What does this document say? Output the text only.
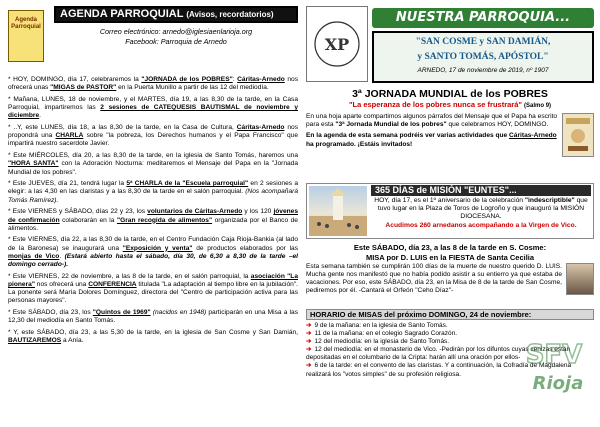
Agenda Parroquial
AGENDA PARROQUIAL (Avisos, recordatorios)
Correo electrónico: arnedo@iglesiaenlarioja.org
Facebook: Parroquia de Arnedo
* HOY, DOMINGO, día 17, celebraremos la "JORNADA de los POBRES": Cáritas-Arnedo nos ofrecerá unas "MIGAS de PASTOR" en la Puerta Munillo a partir de las 12 del mediodía.
* Mañana, LUNES, 18 de noviembre, y el MARTES, día 19, a las 8,30 de la tarde, en la Casa Parroquial, impartiremos las 2 sesiones de CATEQUESIS BAUTISMAL de noviembre y diciembre.
* ..Y, este LUNES, día 18, a las 8,30 de la tarde, en la Casa de Cultura, Cáritas-Arnedo nos propondrá una CHARLA sobre "la pobreza, los Derechos humanos y el Papa Francisco" que impartirá nuestro sacerdote Javier.
* Este MIÉRCOLES, día 20, a las 8,30 de la tarde, en la iglesia de Santo Tomás, haremos una "HORA SANTA" con la Adoración Nocturna: meditaremos el Mensaje del Papa en la "Jornada Mundial de los pobres".
* Este JUEVES, día 21, tendrá lugar la 5ª CHARLA de la "Escuela parroquial" en 2 sesiones a elegir: a las 4,30 en las claristas y a las 8,30 de la tarde en el salón parroquial. (Nos acompañará Tomás Ramírez).
* Este VIERNES y SÁBADO, días 22 y 23, los voluntarios de Cáritas-Arnedo y los 120 jóvenes de confirmación colaborarán en la "Gran recogida de alimentos" organizada por el Banco de alimentos.
* Este VIERNES, día 22, a las 8,30 de la tarde, en el Centro Fundación Caja Rioja-Bankia (al lado de la Baronesa) se inaugurará una "Exposición y venta" de productos elaborados por las monjas de Vico. (Estará abierto hasta el sábado, día 30, de 6,30 a 8,30 de la tarde –el domingo cerrado-).
* Este VIERNES, 22 de noviembre, a las 8 de la tarde, en el salón parroquial, la asociación "La pionera" nos ofrecerá una CONFERENCIA titulada "La adaptación al tiempo libre en la jubilación". La ponente será María Dolores Domínguez, directora del "Centro de participación activa para las personas mayores".
* Este SÁBADO, día 23, los "Quintos de 1969" (nacidos en 1948) participarán en una Misa a las 12,30 del mediodía en Santo Tomás.
* Y, este SÁBADO, día 23, a las 5,30 de la tarde, en la iglesia de San Cosme y San Damián, BAUTIZAREMOS a Anía.
XP
NUESTRA PARROQUIA...
"SAN COSME y SAN DAMIÁN,
y SANTO TOMÁS, APÓSTOL"
ARNEDO, 17 de noviembre de 2019, nº 1907
3ª JORNADA MUNDIAL de los POBRES
"La esperanza de los pobres nunca se frustrará" (Salmo 9)
En una hoja aparte compartimos algunos párrafos del Mensaje que el Papa ha escrito para esta "3ª Jornada Mundial de los pobres" que celebramos HOY, DOMINGO.
En la agenda de esta semana podréis ver varias actividades que Cáritas-Arnedo ha programado. ¡Estáis invitados!
365 DÍAS de MISIÓN "EUNTES"...
HOY, día 17, es el 1º aniversario de la celebración "indescriptible" que tuvo lugar en la Plaza de Toros de Logroño y que inauguró la MISIÓN DIOCESANA.
Acudimos 260 arnedanos acompañando a la Virgen de Vico.
Este SÁBADO, día 23, a las 8 de la tarde en S. Cosme:
MISA por D. LUIS en la FIESTA de Santa Cecilia
Esta semana también se cumplirán 100 días de la muerte de nuestro querido D. LUIS. Mucha gente nos manifestó que no había podido asistir a su entierro ya que estaba de vacaciones. Por eso, este SÁBADO, día 23, en la Misa de 8 de la tarde de San Cosme, pediremos por él. -Cantará el Orfeón "Ceho Díaz"-
HORARIO de MISAS del próximo DOMINGO, 24 de noviembre:
➔ 9 de la mañana: en la iglesia de Santo Tomás.
➔ 11 de la mañana: en el colegio Sagrado Corazón.
➔ 12 del mediodía: en la iglesia de Santo Tomás.
➔ 12 del mediodía: en el monasterio de Vico. -Pedirán por los difuntos cuyas cenizas están depositadas en el columbario de la Cripta: harán allí una oración por ellos-
➔ 6 de la tarde: en el convento de las claristas. Y a continuación, la Cofradía de Magdalena realizará los "votos simples" de su profesión religiosa.
SFV
Rioja
